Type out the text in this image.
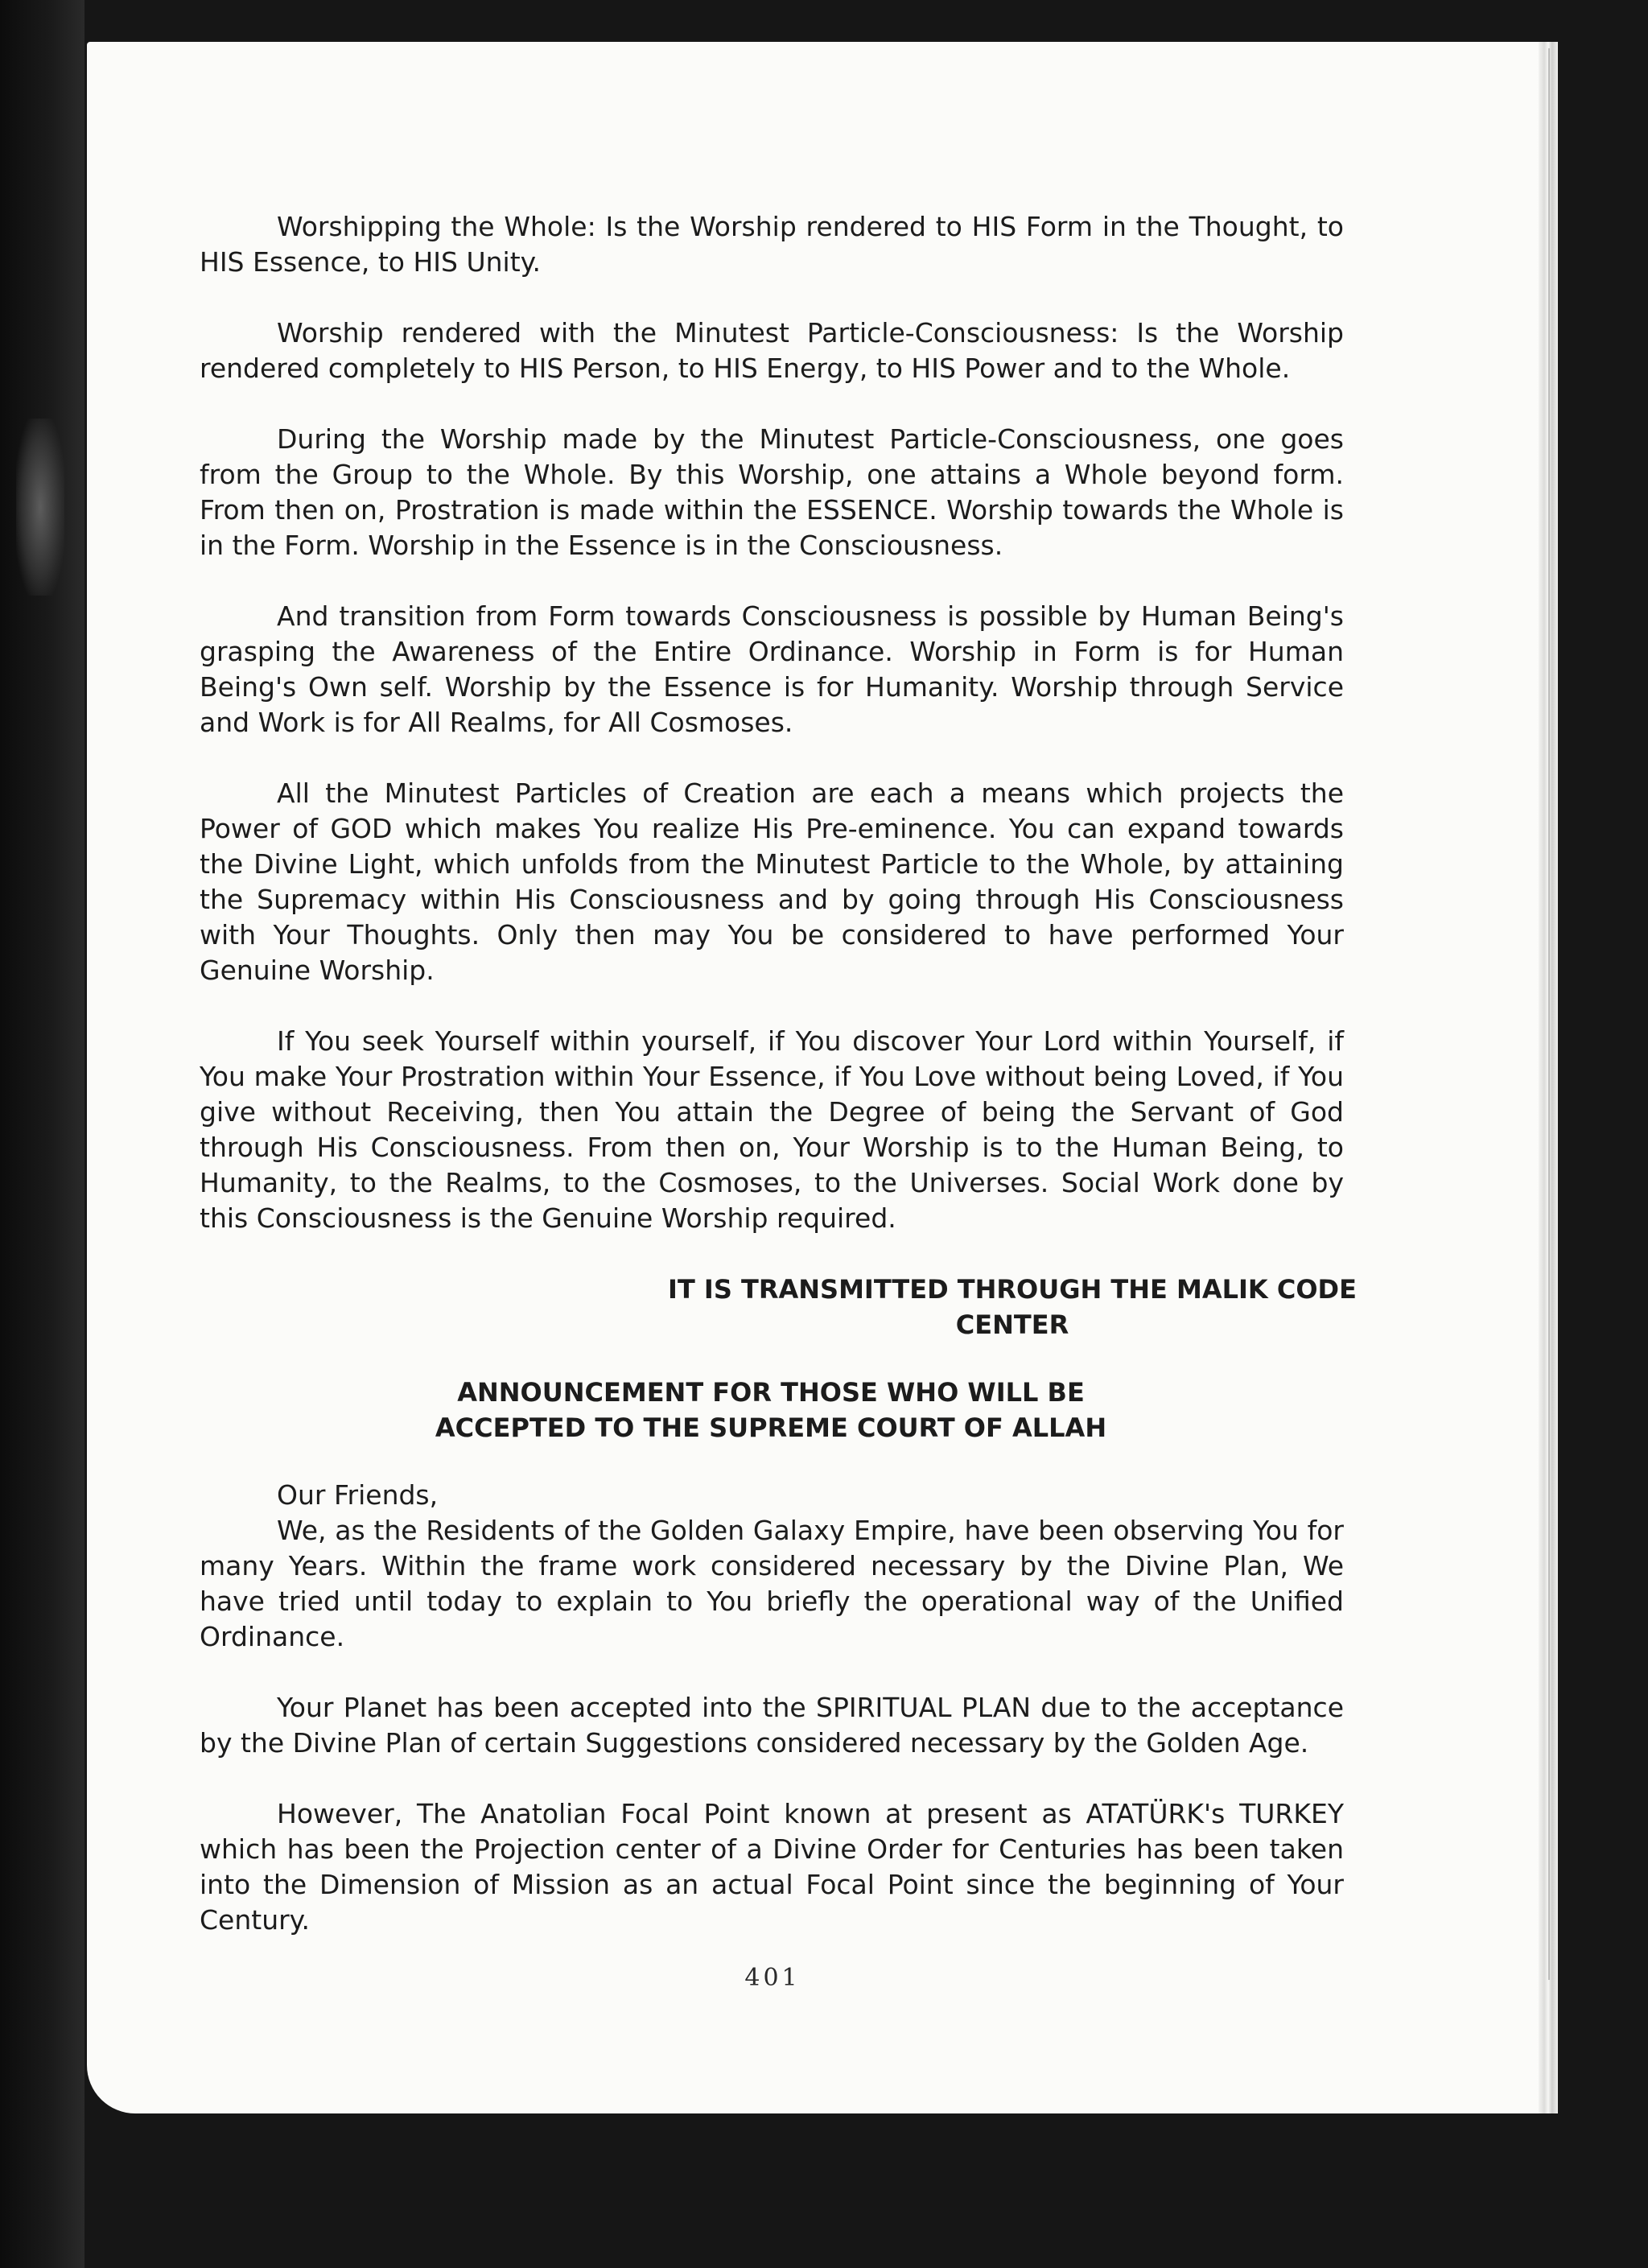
Worshipping the Whole: Is the Worship rendered to HIS Form in the Thought, to HIS Essence, to HIS Unity.

Worship rendered with the Minutest Particle-Consciousness: Is the Worship rendered completely to HIS Person, to HIS Energy, to HIS Power and to the Whole.

During the Worship made by the Minutest Particle-Consciousness, one goes from the Group to the Whole. By this Worship, one attains a Whole beyond form. From then on, Prostration is made within the ESSENCE. Worship towards the Whole is in the Form. Worship in the Essence is in the Consciousness.

And transition from Form towards Consciousness is possible by Human Being's grasping the Awareness of the Entire Ordinance. Worship in Form is for Human Being's Own self. Worship by the Essence is for Humanity. Worship through Service and Work is for All Realms, for All Cosmoses.

All the Minutest Particles of Creation are each a means which projects the Power of GOD which makes You realize His Pre-eminence. You can expand towards the Divine Light, which unfolds from the Minutest Particle to the Whole, by attaining the Supremacy within His Consciousness and by going through His Consciousness with Your Thoughts. Only then may You be considered to have performed Your Genuine Worship.

If You seek Yourself within yourself, if You discover Your Lord within Yourself, if You make Your Prostration within Your Essence, if You Love without being Loved, if You give without Receiving, then You attain the Degree of being the Servant of God through His Consciousness. From then on, Your Worship is to the Human Being, to Humanity, to the Realms, to the Cosmoses, to the Universes. Social Work done by this Consciousness is the Genuine Worship required.

IT IS TRANSMITTED THROUGH THE MALIK CODE CENTER
ANNOUNCEMENT FOR THOSE WHO WILL BE ACCEPTED TO THE SUPREME COURT OF ALLAH

Our Friends,

We, as the Residents of the Golden Galaxy Empire, have been observing You for many Years. Within the frame work considered necessary by the Divine Plan, We have tried until today to explain to You briefly the operational way of the Unified Ordinance.

Your Planet has been accepted into the SPIRITUAL PLAN due to the acceptance by the Divine Plan of certain Suggestions considered necessary by the Golden Age.

However, The Anatolian Focal Point known at present as ATATÜRK's TURKEY which has been the Projection center of a Divine Order for Centuries has been taken into the Dimension of Mission as an actual Focal Point since the beginning of Your Century.

401
